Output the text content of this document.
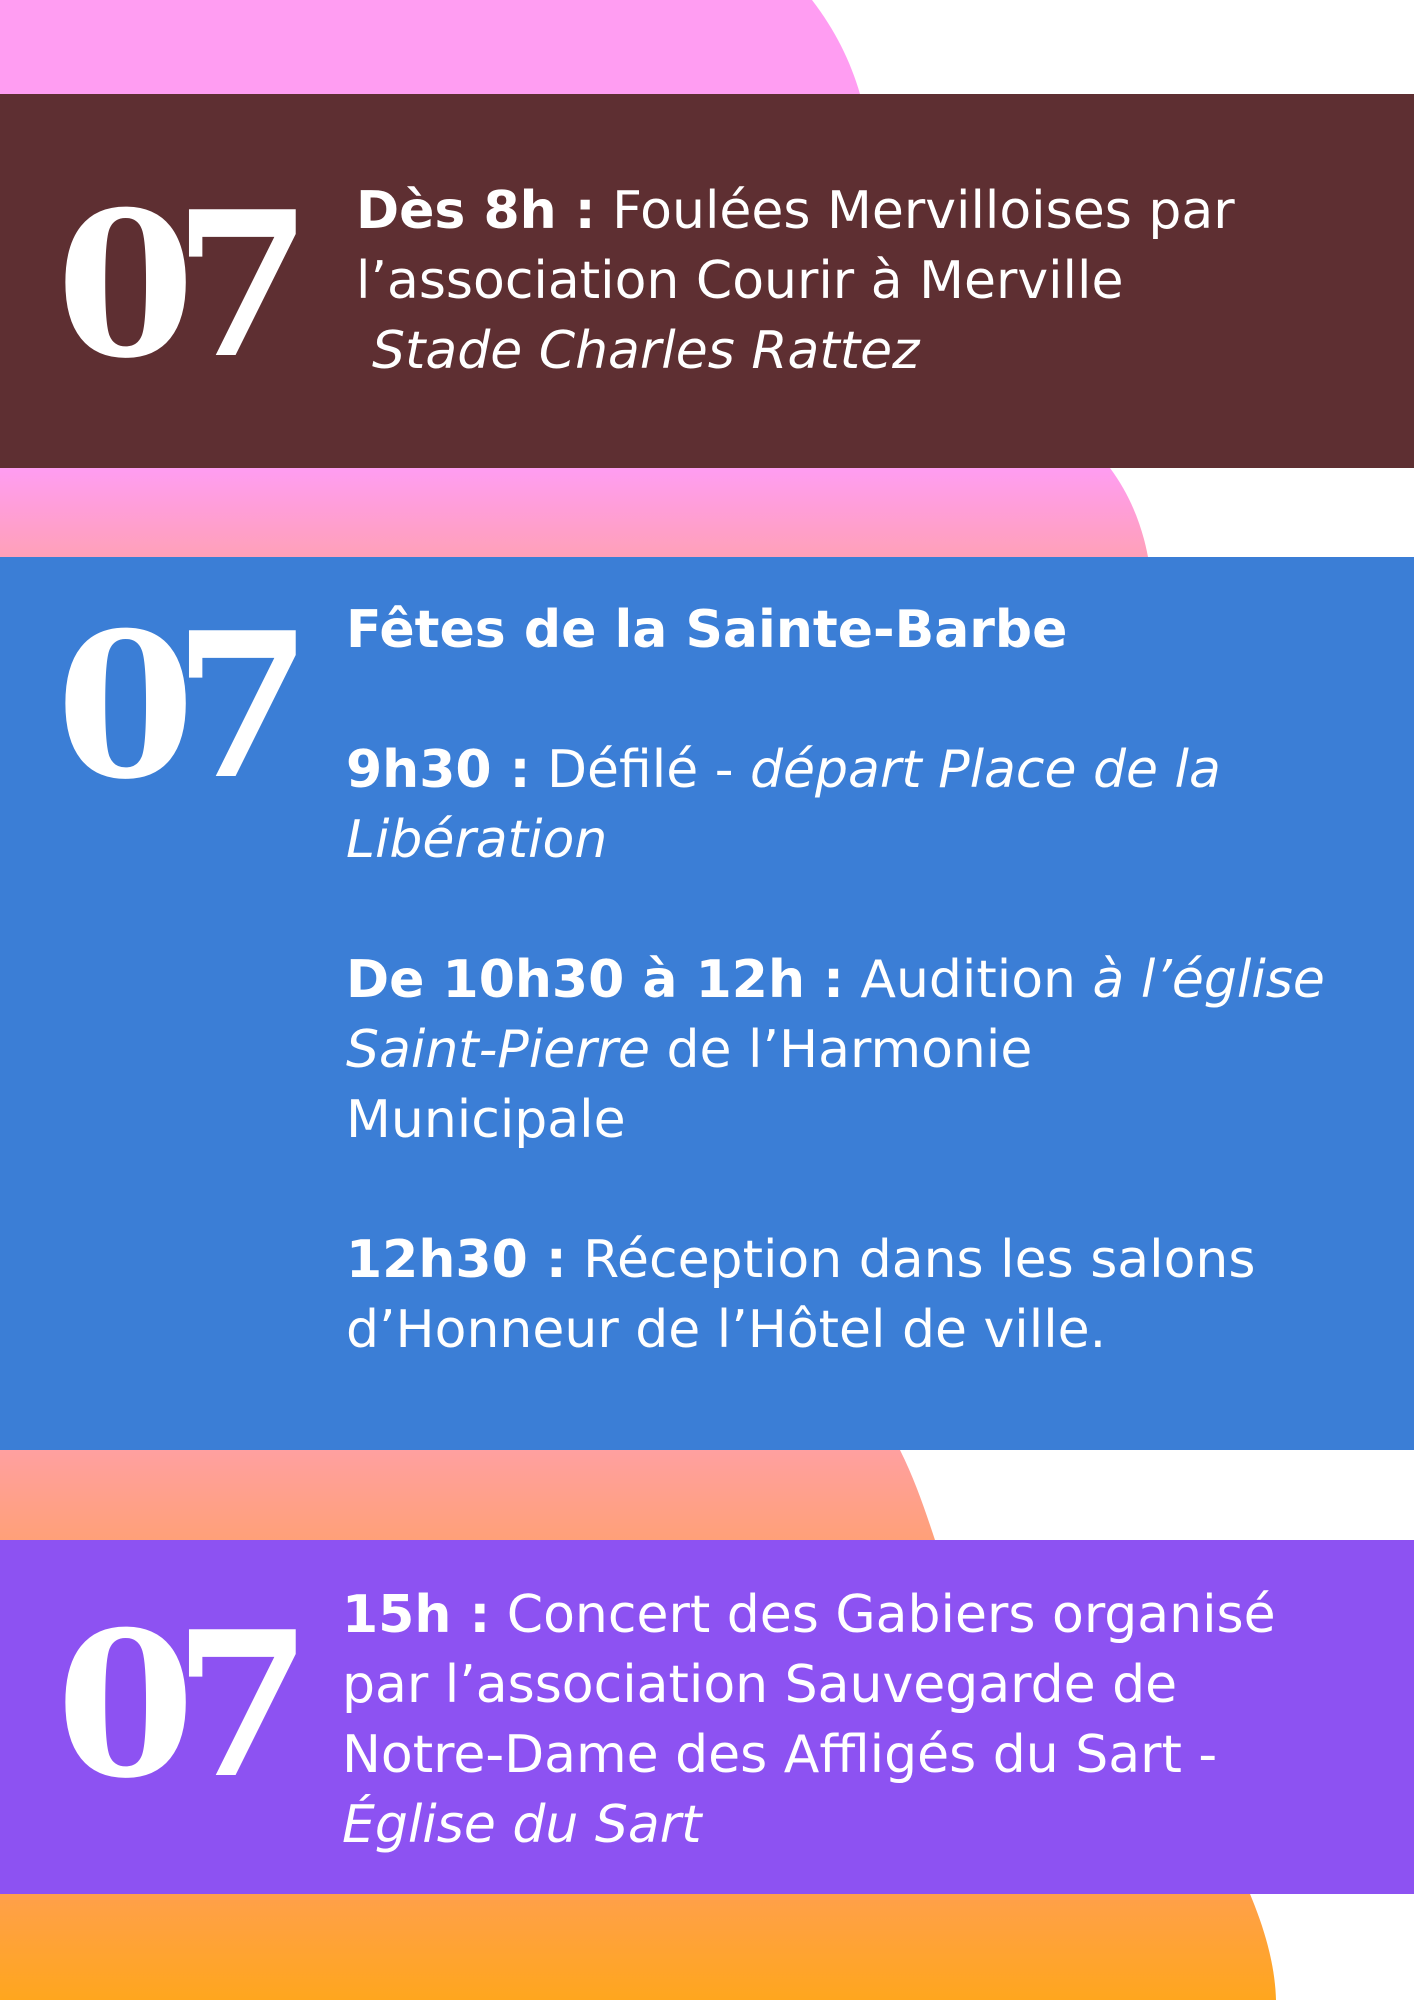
07	Dès 8h : Foulées Mervilloises par

l’association Courir à Merville

Stade Charles Rattez

07	Fêtes de la Sainte-Barbe

9h30 : Défilé - départ Place de la

Libération

De 10h30 à 12h : Audition à l’église

Saint-Pierre de l’Harmonie

Municipale

12h30 : Réception dans les salons

d’Honneur de l’Hôtel de ville.

07 15h : Concert des Gabiers organisé

par l’association Sauvegarde de

Notre-Dame des Affligés du Sart -

Église du Sart
